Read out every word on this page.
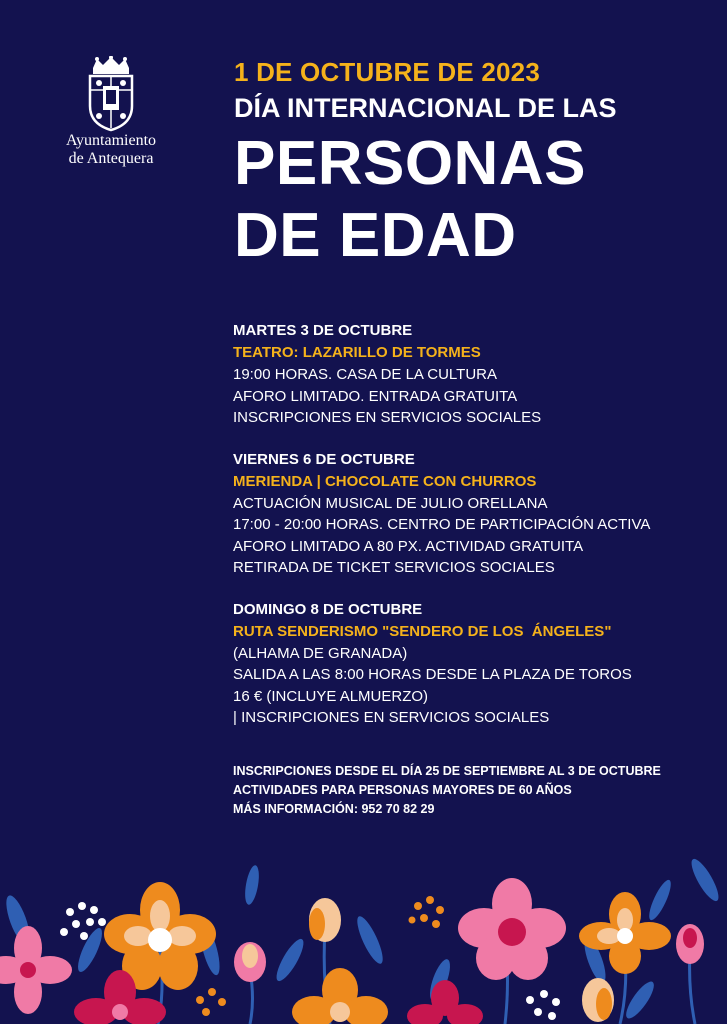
Ayuntamiento
de Antequera
1 DE OCTUBRE DE 2023
DÍA INTERNACIONAL DE LAS
PERSONAS
DE EDAD
MARTES 3 DE OCTUBRE
TEATRO: LAZARILLO DE TORMES
19:00 HORAS. CASA DE LA CULTURA
AFORO LIMITADO. ENTRADA GRATUITA
INSCRIPCIONES EN SERVICIOS SOCIALES
VIERNES 6 DE OCTUBRE
MERIENDA | CHOCOLATE CON CHURROS
ACTUACIÓN MUSICAL DE JULIO ORELLANA
17:00 - 20:00 HORAS. CENTRO DE PARTICIPACIÓN ACTIVA
AFORO LIMITADO A 80 PX. ACTIVIDAD GRATUITA
RETIRADA DE TICKET SERVICIOS SOCIALES
DOMINGO 8 DE OCTUBRE
RUTA SENDERISMO "SENDERO DE LOS  ÁNGELES"
(ALHAMA DE GRANADA)
SALIDA A LAS 8:00 HORAS DESDE LA PLAZA DE TOROS
16 € (INCLUYE ALMUERZO)
| INSCRIPCIONES EN SERVICIOS SOCIALES
INSCRIPCIONES DESDE EL DÍA 25 DE SEPTIEMBRE AL 3 DE OCTUBRE
ACTIVIDADES PARA PERSONAS MAYORES DE 60 AÑOS
MÁS INFORMACIÓN: 952 70 82 29
